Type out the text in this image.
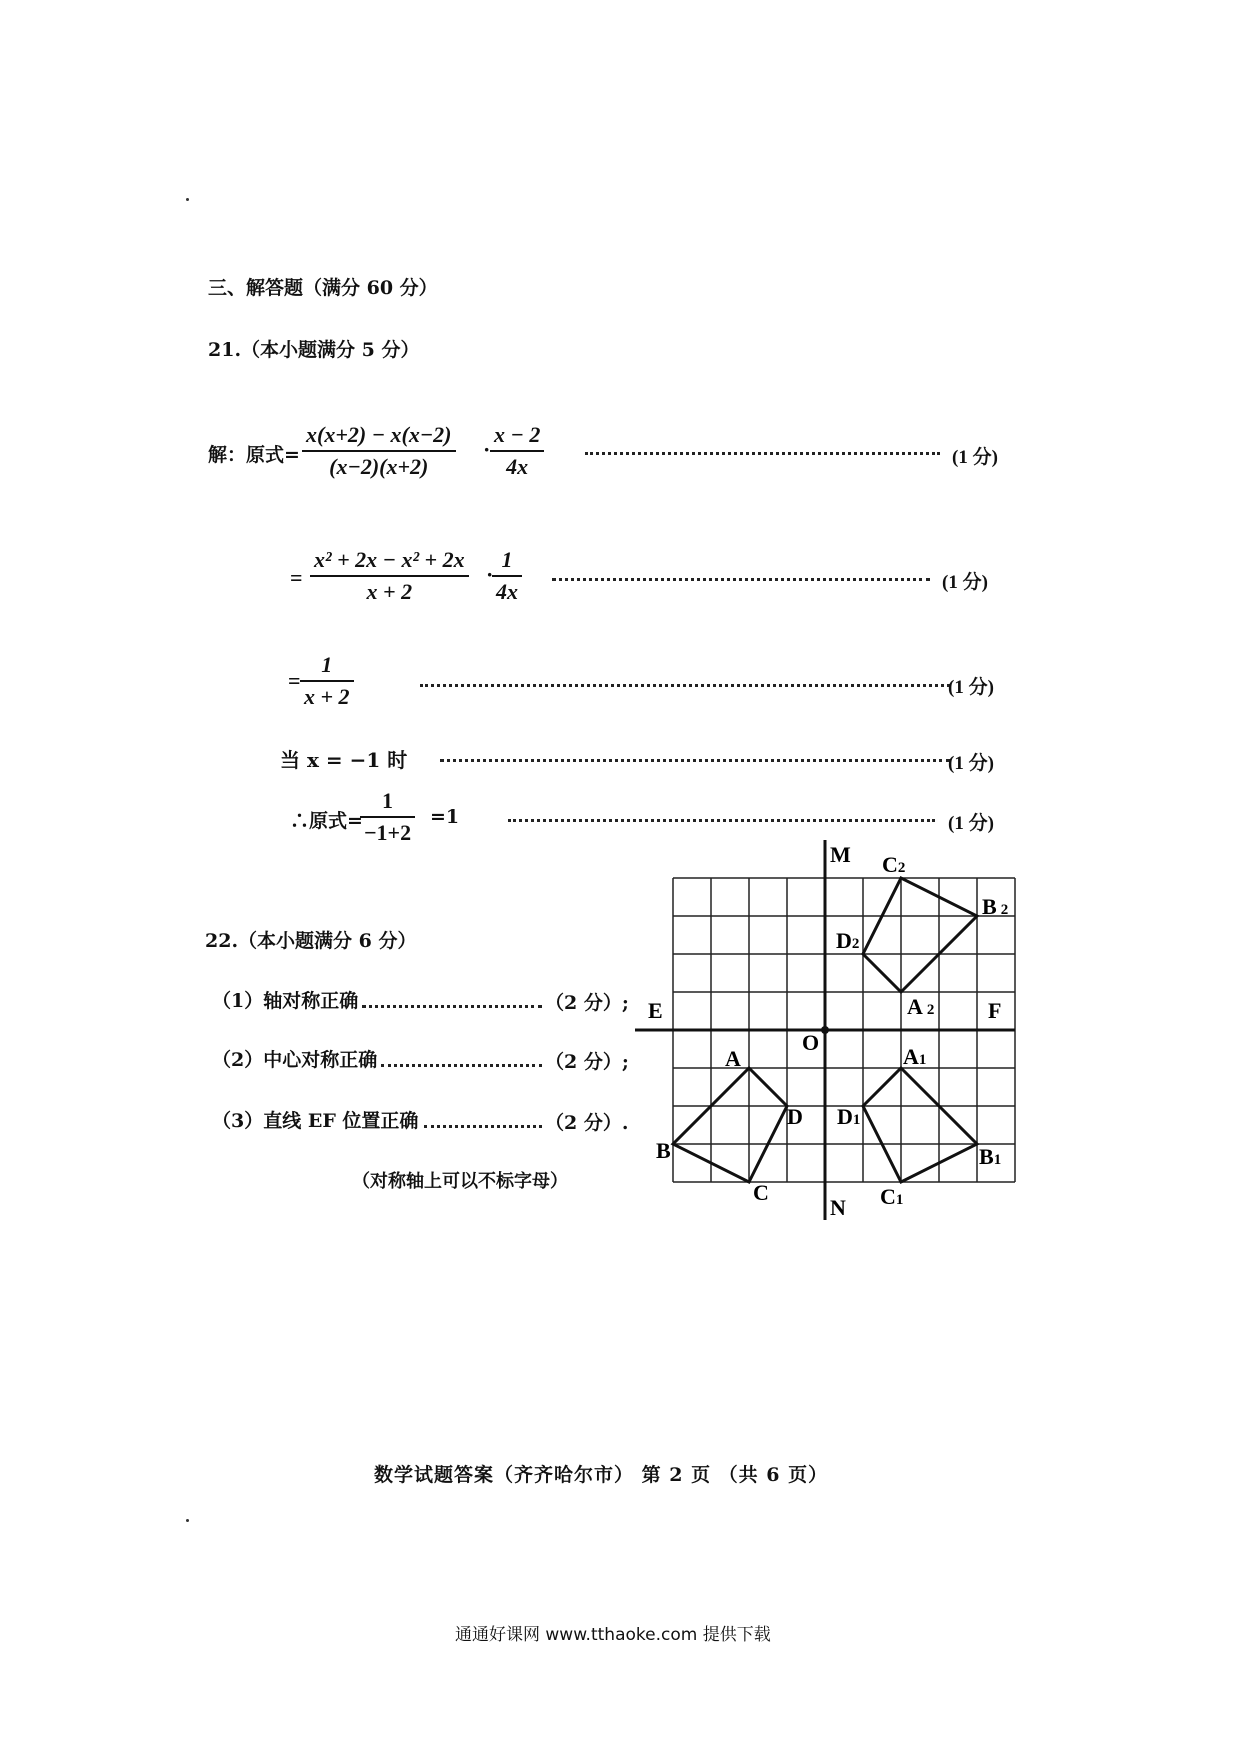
三、解答题（满分 60 分）
21.（本小题满分 5 分）
解：原式=
x(x+2) − x(x−2)
(x−2)(x+2)
·
x − 2
4x	(1 分)
=
x² + 2x − x² + 2x
x + 2
·
1
4x	(1 分)
=
1
x + 2	(1 分)
当 x = −1 时	(1 分)
∴原式=
1
−1+2
=1	(1 分)
22.（本小题满分 6 分）
（1）轴对称正确	（2 分）;
（2）中心对称正确	（2 分）;
（3）直线 EF 位置正确	（2 分）.
（对称轴上可以不标字母）
M
N
E	F
O
A
B
C
D
A1
B1
C1
D1
A 2
B 2
C2
D2
数学试题答案（齐齐哈尔市） 第 2 页 （共 6 页）
通通好课网 www.tthaoke.com 提供下载
